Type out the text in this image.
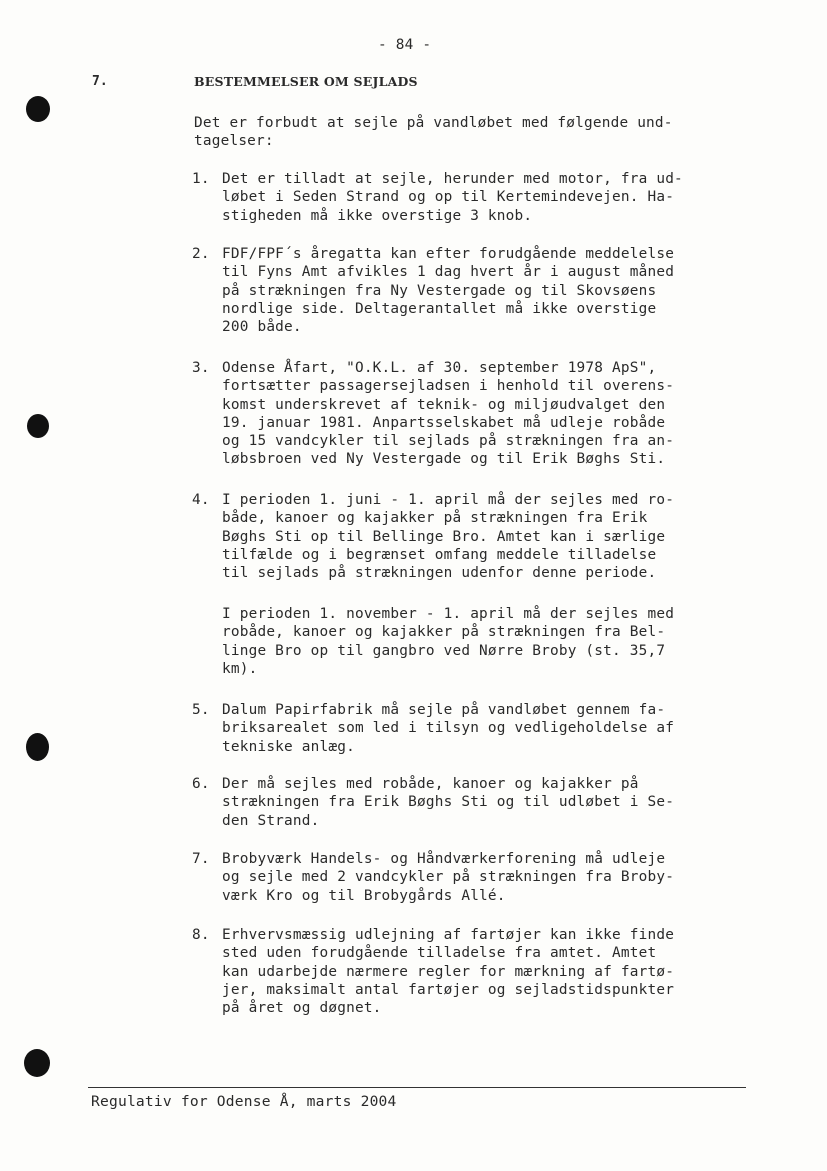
- 84 -
7.	BESTEMMELSER OM SEJLADS
Det er forbudt at sejle på vandløbet med følgende und-
tagelser:
1. Det er tilladt at sejle, herunder med motor, fra ud-
løbet i Seden Strand og op til Kertemindevejen. Ha-
stigheden må ikke overstige 3 knob.
2. FDF/FPF´s åregatta kan efter forudgående meddelelse
til Fyns Amt afvikles 1 dag hvert år i august måned
på strækningen fra Ny Vestergade og til Skovsøens
nordlige side. Deltagerantallet må ikke overstige
200 både.
3. Odense Åfart, "O.K.L. af 30. september 1978 ApS",
fortsætter passagersejladsen i henhold til overens-
komst underskrevet af teknik- og miljøudvalget den
19. januar 1981. Anpartsselskabet må udleje robåde
og 15 vandcykler til sejlads på strækningen fra an-
løbsbroen ved Ny Vestergade og til Erik Bøghs Sti.
4. I perioden 1. juni - 1. april må der sejles med ro-
både, kanoer og kajakker på strækningen fra Erik
Bøghs Sti op til Bellinge Bro. Amtet kan i særlige
tilfælde og i begrænset omfang meddele tilladelse
til sejlads på strækningen udenfor denne periode.
I perioden 1. november - 1. april må der sejles med
robåde, kanoer og kajakker på strækningen fra Bel-
linge Bro op til gangbro ved Nørre Broby (st. 35,7
km).
5. Dalum Papirfabrik må sejle på vandløbet gennem fa-
briksarealet som led i tilsyn og vedligeholdelse af
tekniske anlæg.
6. Der må sejles med robåde, kanoer og kajakker på
strækningen fra Erik Bøghs Sti og til udløbet i Se-
den Strand.
7. Brobyværk Handels- og Håndværkerforening må udleje
og sejle med 2 vandcykler på strækningen fra Broby-
værk Kro og til Brobygårds Allé.
8. Erhvervsmæssig udlejning af fartøjer kan ikke finde
sted uden forudgående tilladelse fra amtet. Amtet
kan udarbejde nærmere regler for mærkning af fartø-
jer, maksimalt antal fartøjer og sejladstidspunkter
på året og døgnet.
Regulativ for Odense Å, marts 2004
